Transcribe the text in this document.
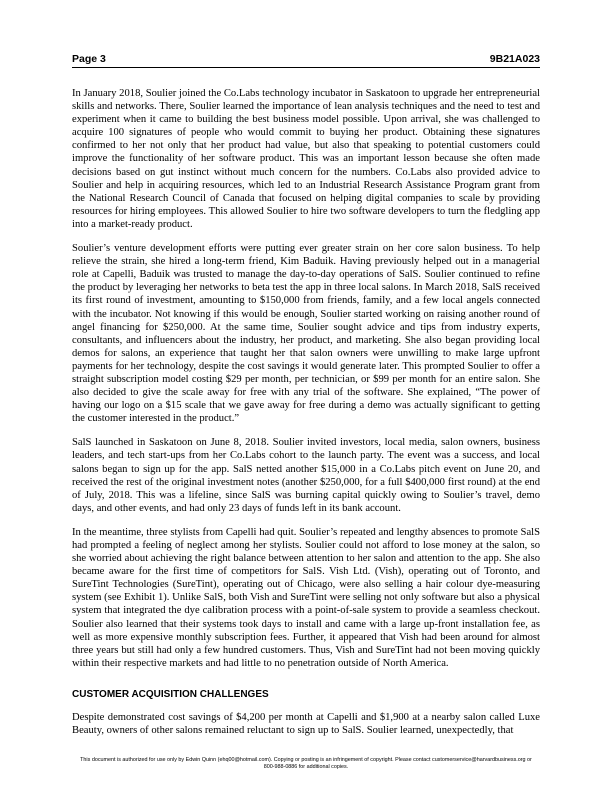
Page 3	9B21A023

In January 2018, Soulier joined the Co.Labs technology incubator in Saskatoon to upgrade her entrepreneurial skills and networks. There, Soulier learned the importance of lean analysis techniques and the need to test and experiment when it came to building the best business model possible. Upon arrival, she was challenged to acquire 100 signatures of people who would commit to buying her product. Obtaining these signatures confirmed to her not only that her product had value, but also that speaking to potential customers could improve the functionality of her software product. This was an important lesson because she often made decisions based on gut instinct without much concern for the numbers. Co.Labs also provided advice to Soulier and help in acquiring resources, which led to an Industrial Research Assistance Program grant from the National Research Council of Canada that focused on helping digital companies to scale by providing resources for hiring employees. This allowed Soulier to hire two software developers to turn the fledgling app into a market-ready product.

Soulier’s venture development efforts were putting ever greater strain on her core salon business. To help relieve the strain, she hired a long-term friend, Kim Baduik. Having previously helped out in a managerial role at Capelli, Baduik was trusted to manage the day-to-day operations of SalS. Soulier continued to refine the product by leveraging her networks to beta test the app in three local salons. In March 2018, SalS received its first round of investment, amounting to $150,000 from friends, family, and a few local angels connected with the incubator. Not knowing if this would be enough, Soulier started working on raising another round of angel financing for $250,000. At the same time, Soulier sought advice and tips from industry experts, consultants, and influencers about the industry, her product, and marketing. She also began providing local demos for salons, an experience that taught her that salon owners were unwilling to make large upfront payments for her technology, despite the cost savings it would generate later. This prompted Soulier to offer a straight subscription model costing $29 per month, per technician, or $99 per month for an entire salon. She also decided to give the scale away for free with any trial of the software. She explained, “The power of having our logo on a $15 scale that we gave away for free during a demo was actually significant to getting the customer interested in the product.”

SalS launched in Saskatoon on June 8, 2018. Soulier invited investors, local media, salon owners, business leaders, and tech start-ups from her Co.Labs cohort to the launch party. The event was a success, and local salons began to sign up for the app. SalS netted another $15,000 in a Co.Labs pitch event on June 20, and received the rest of the original investment notes (another $250,000, for a full $400,000 first round) at the end of July, 2018. This was a lifeline, since SalS was burning capital quickly owing to Soulier’s travel, demo days, and other events, and had only 23 days of funds left in its bank account.

In the meantime, three stylists from Capelli had quit. Soulier’s repeated and lengthy absences to promote SalS had prompted a feeling of neglect among her stylists. Soulier could not afford to lose money at the salon, so she worried about achieving the right balance between attention to her salon and attention to the app. She also became aware for the first time of competitors for SalS. Vish Ltd. (Vish), operating out of Toronto, and SureTint Technologies (SureTint), operating out of Chicago, were also selling a hair colour dye-measuring system (see Exhibit 1). Unlike SalS, both Vish and SureTint were selling not only software but also a physical system that integrated the dye calibration process with a point-of-sale system to provide a seamless checkout. Soulier also learned that their systems took days to install and came with a large up-front installation fee, as well as more expensive monthly subscription fees. Further, it appeared that Vish had been around for almost three years but still had only a few hundred customers. Thus, Vish and SureTint had not been moving quickly within their respective markets and had little to no penetration outside of North America.

CUSTOMER ACQUISITION CHALLENGES

Despite demonstrated cost savings of $4,200 per month at Capelli and $1,900 at a nearby salon called Luxe Beauty, owners of other salons remained reluctant to sign up to SalS. Soulier learned, unexpectedly, that

This document is authorized for use only by Edwin Quinn (ehq00@hotmail.com). Copying or posting is an infringement of copyright. Please contact customerservice@harvardbusiness.org or
800-988-0886 for additional copies.
